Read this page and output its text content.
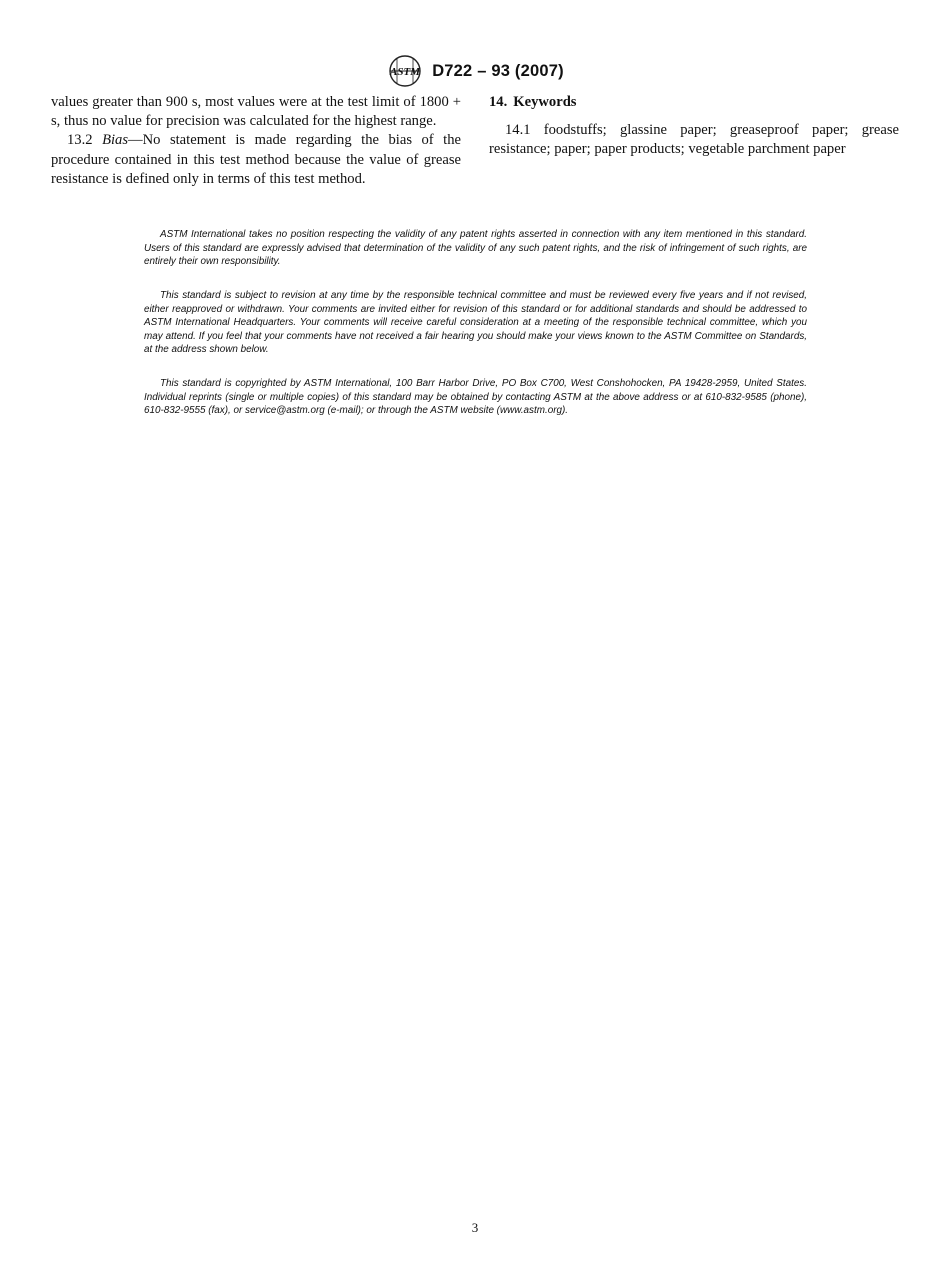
ASTM D722 – 93 (2007)

values greater than 900 s, most values were at the test limit of 1800 + s, thus no value for precision was calculated for the highest range.

13.2 Bias—No statement is made regarding the bias of the procedure contained in this test method because the value of grease resistance is defined only in terms of this test method.

14. Keywords

14.1 foodstuffs; glassine paper; greaseproof paper; grease resistance; paper; paper products; vegetable parchment paper

ASTM International takes no position respecting the validity of any patent rights asserted in connection with any item mentioned in this standard. Users of this standard are expressly advised that determination of the validity of any such patent rights, and the risk of infringement of such rights, are entirely their own responsibility.

This standard is subject to revision at any time by the responsible technical committee and must be reviewed every five years and if not revised, either reapproved or withdrawn. Your comments are invited either for revision of this standard or for additional standards and should be addressed to ASTM International Headquarters. Your comments will receive careful consideration at a meeting of the responsible technical committee, which you may attend. If you feel that your comments have not received a fair hearing you should make your views known to the ASTM Committee on Standards, at the address shown below.

This standard is copyrighted by ASTM International, 100 Barr Harbor Drive, PO Box C700, West Conshohocken, PA 19428-2959, United States. Individual reprints (single or multiple copies) of this standard may be obtained by contacting ASTM at the above address or at 610-832-9585 (phone), 610-832-9555 (fax), or service@astm.org (e-mail); or through the ASTM website (www.astm.org).

3
